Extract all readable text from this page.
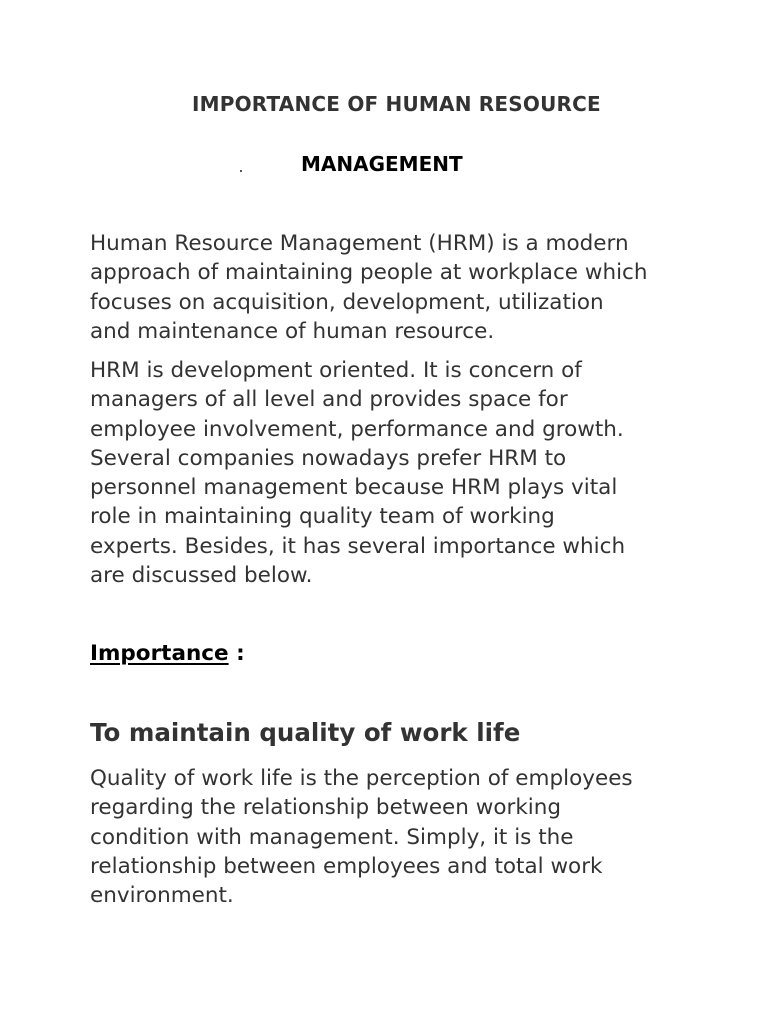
IMPORTANCE OF HUMAN RESOURCE
MANAGEMENT
Human Resource Management (HRM) is a modern
approach of maintaining people at workplace which
focuses on acquisition, development, utilization
and maintenance of human resource.
HRM is development oriented. It is concern of
managers of all level and provides space for
employee involvement, performance and growth.
Several companies nowadays prefer HRM to
personnel management because HRM plays vital
role in maintaining quality team of working
experts. Besides, it has several importance which
are discussed below.
Importance :
To maintain quality of work life
Quality of work life is the perception of employees
regarding the relationship between working
condition with management. Simply, it is the
relationship between employees and total work
environment.
